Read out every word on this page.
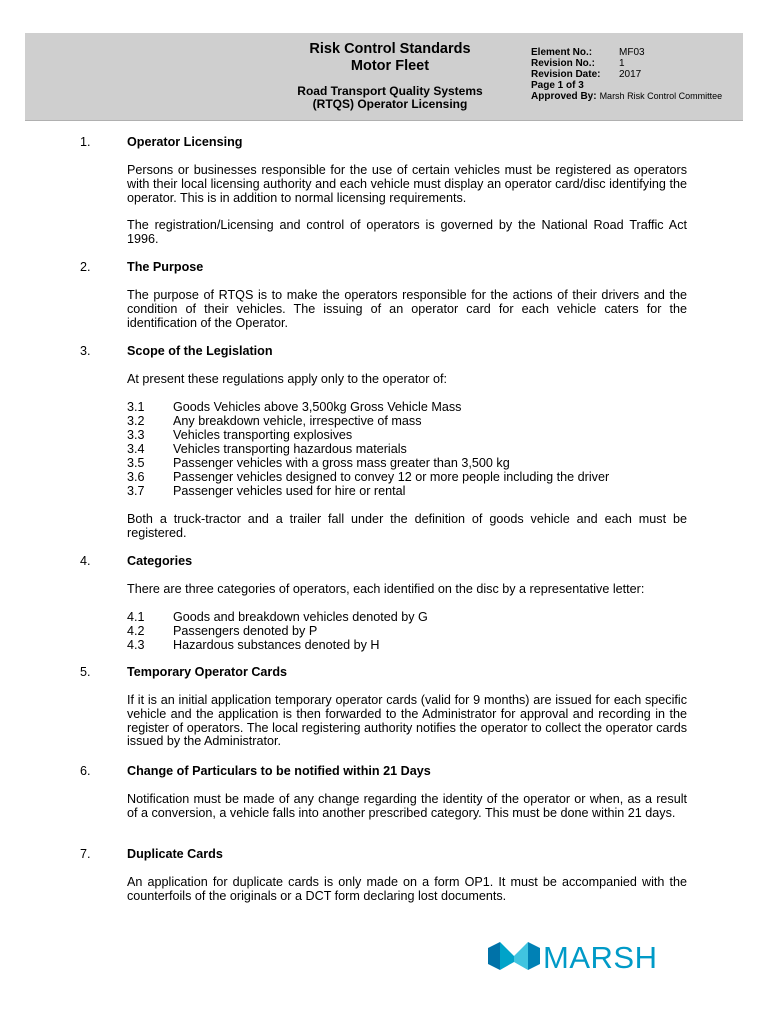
Risk Control Standards
Motor Fleet
Road Transport Quality Systems
(RTQS) Operator Licensing
Element No.:	MF03
Revision No.: 1
Revision Date: 2017
Page 1 of 3
Approved By: Marsh Risk Control Committee
1.	Operator Licensing
Persons or businesses responsible for the use of certain vehicles must be registered as operators with their local licensing authority and each vehicle must display an operator card/disc identifying the operator. This is in addition to normal licensing requirements.
The registration/Licensing and control of operators is governed by the National Road Traffic Act 1996.
2.	The Purpose
The purpose of RTQS is to make the operators responsible for the actions of their drivers and the condition of their vehicles. The issuing of an operator card for each vehicle caters for the identification of the Operator.
3.	Scope of the Legislation
At present these regulations apply only to the operator of:
3.1 Goods Vehicles above 3,500kg Gross Vehicle Mass
3.2 Any breakdown vehicle, irrespective of mass
3.3 Vehicles transporting explosives
3.4 Vehicles transporting hazardous materials
3.5 Passenger vehicles with a gross mass greater than 3,500 kg
3.6 Passenger vehicles designed to convey 12 or more people including the driver
3.7 Passenger vehicles used for hire or rental
Both a truck-tractor and a trailer fall under the definition of goods vehicle and each must be registered.
4.	Categories
There are three categories of operators, each identified on the disc by a representative letter:
4.1 Goods and breakdown vehicles denoted by G
4.2 Passengers denoted by P
4.3 Hazardous substances denoted by H
5.	Temporary Operator Cards
If it is an initial application temporary operator cards (valid for 9 months) are issued for each specific vehicle and the application is then forwarded to the Administrator for approval and recording in the register of operators. The local registering authority notifies the operator to collect the operator cards issued by the Administrator.
6.	Change of Particulars to be notified within 21 Days
Notification must be made of any change regarding the identity of the operator or when, as a result of a conversion, a vehicle falls into another prescribed category. This must be done within 21 days.
7.	Duplicate Cards
An application for duplicate cards is only made on a form OP1. It must be accompanied with the counterfoils of the originals or a DCT form declaring lost documents.
MARSH
